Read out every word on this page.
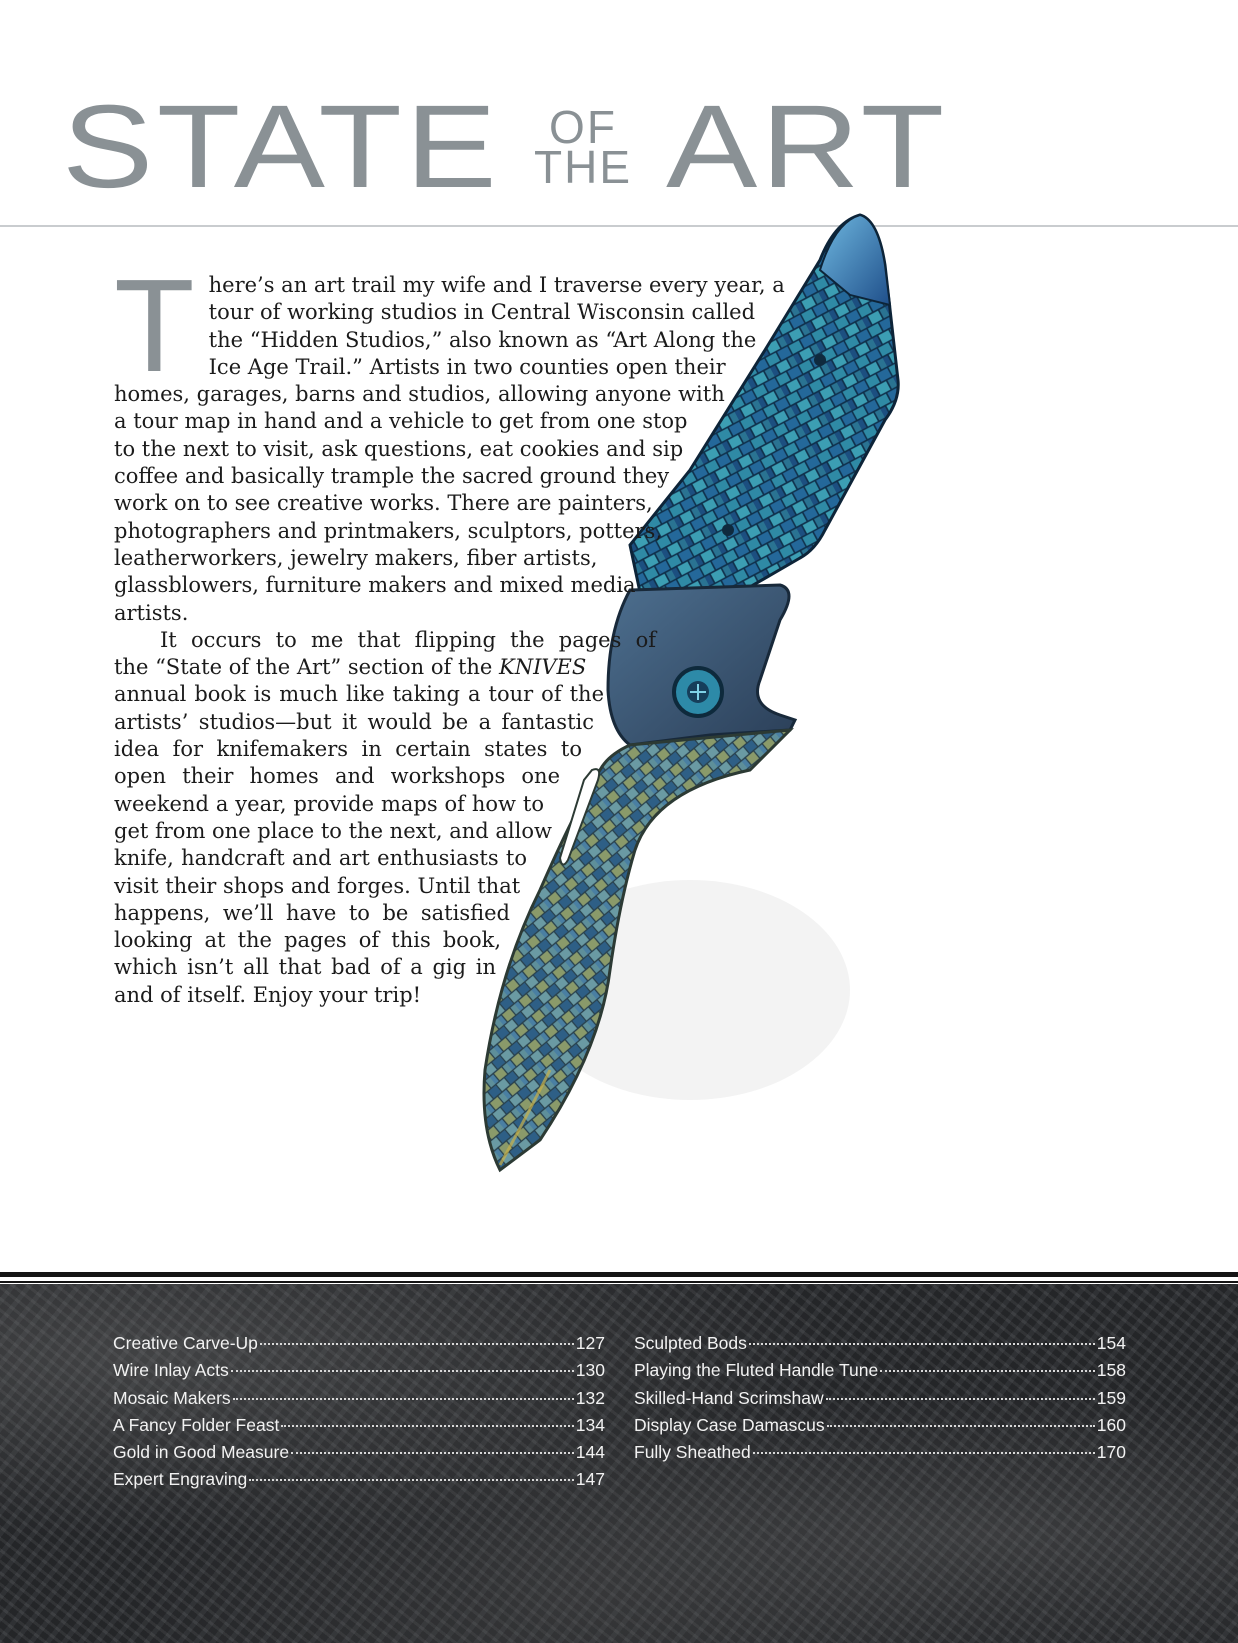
STATE	OF
THE ART

T here’s an art trail my wife and I traverse every year, a
tour of working studios in Central Wisconsin called
the “Hidden Studios,” also known as “Art Along the
Ice Age Trail.” Artists in two counties open their
homes, garages, barns and studios, allowing anyone with
a tour map in hand and a vehicle to get from one stop
to the next to visit, ask questions, eat cookies and sip
coffee and basically trample the sacred ground they
work on to see creative works. There are painters,
photographers and printmakers, sculptors, potters,
leatherworkers, jewelry makers, fiber artists,
glassblowers, furniture makers and mixed media
artists.

It occurs to me that flipping the pages of
the “State of the Art” section of the KNIVES
annual book is much like taking a tour of the
artists’ studios—but it would be a fantastic
idea for knifemakers in certain states to
open their homes and workshops one
weekend a year, provide maps of how to
get from one place to the next, and allow
knife, handcraft and art enthusiasts to
visit their shops and forges. Until that
happens, we’ll have to be satisfied
looking at the pages of this book,
which isn’t all that bad of a gig in
and of itself. Enjoy your trip!

Creative Carve-Up	127
Wire Inlay Acts	130
Mosaic Makers	132
A Fancy Folder Feast	134
Gold in Good Measure	144
Expert Engraving	147
Sculpted Bods	154
Playing the Fluted Handle Tune	158
Skilled-Hand Scrimshaw	159
Display Case Damascus	160
Fully Sheathed	170
